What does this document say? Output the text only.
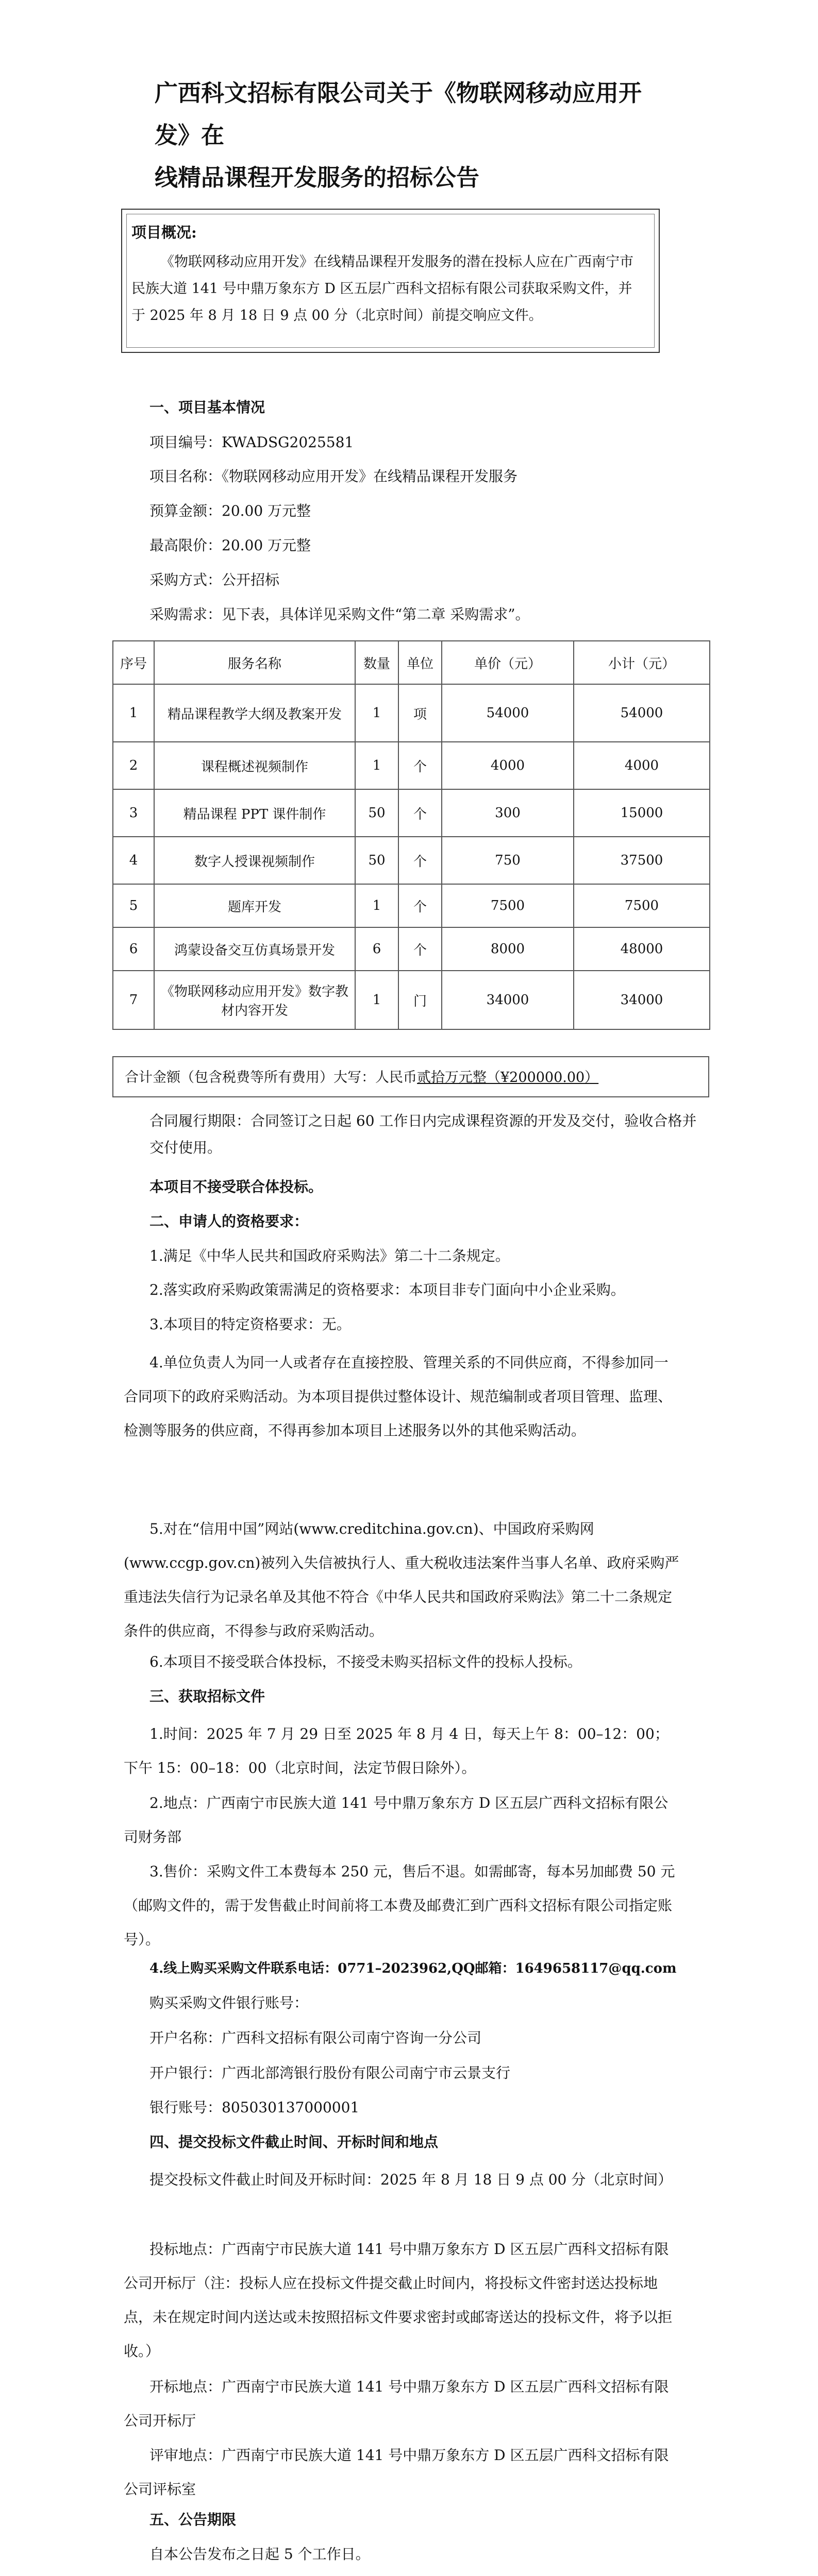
广西科文招标有限公司关于《物联网移动应用开发》在
线精品课程开发服务的招标公告
项目概况:
《物联网移动应用开发》在线精品课程开发服务的潜在投标人应在广西南宁市民族大道 141 号中鼎万象东方 D 区五层广西科文招标有限公司获取采购文件，并于 2025 年 8 月 18 日 9 点 00 分（北京时间）前提交响应文件。
一、项目基本情况
项目编号：KWADSG2025581
项目名称：《物联网移动应用开发》在线精品课程开发服务
预算金额：20.00 万元整
最高限价：20.00 万元整
采购方式：公开招标
采购需求：见下表，具体详见采购文件“第二章 采购需求”。
序号	服务名称	数量	单位	单价（元）	小计（元）
1	精品课程教学大纲及教案开发	1	项	54000	54000
2	课程概述视频制作	1	个	4000	4000
3	精品课程 PPT 课件制作	50	个	300	15000
4	数字人授课视频制作	50	个	750	37500
5	题库开发	1	个	7500	7500
6	鸿蒙设备交互仿真场景开发	6	个	8000	48000
7	《物联网移动应用开发》数字教材内容开发	1	门	34000	34000
合计金额（包含税费等所有费用）大写：人民币贰拾万元整（¥200000.00）
合同履行期限：合同签订之日起 60 工作日内完成课程资源的开发及交付，验收合格并交付使用。
本项目不接受联合体投标。
二、申请人的资格要求：
1.满足《中华人民共和国政府采购法》第二十二条规定。
2.落实政府采购政策需满足的资格要求：本项目非专门面向中小企业采购。
3.本项目的特定资格要求：无。
4.单位负责人为同一人或者存在直接控股、管理关系的不同供应商，不得参加同一合同项下的政府采购活动。为本项目提供过整体设计、规范编制或者项目管理、监理、检测等服务的供应商，不得再参加本项目上述服务以外的其他采购活动。
5.对在“信用中国”网站(www.creditchina.gov.cn)、中国政府采购网(www.ccgp.gov.cn)被列入失信被执行人、重大税收违法案件当事人名单、政府采购严重违法失信行为记录名单及其他不符合《中华人民共和国政府采购法》第二十二条规定条件的供应商，不得参与政府采购活动。
6.本项目不接受联合体投标，不接受未购买招标文件的投标人投标。
三、获取招标文件
1.时间：2025 年 7 月 29 日至 2025 年 8 月 4 日，每天上午 8：00–12：00；下午 15：00–18：00（北京时间，法定节假日除外）。
2.地点：广西南宁市民族大道 141 号中鼎万象东方 D 区五层广西科文招标有限公司财务部
3.售价：采购文件工本费每本 250 元，售后不退。如需邮寄，每本另加邮费 50 元（邮购文件的，需于发售截止时间前将工本费及邮费汇到广西科文招标有限公司指定账号）。
4.线上购买采购文件联系电话：0771–2023962,QQ邮箱：1649658117@qq.com
购买采购文件银行账号：
开户名称：广西科文招标有限公司南宁咨询一分公司
开户银行：广西北部湾银行股份有限公司南宁市云景支行
银行账号：805030137000001
四、提交投标文件截止时间、开标时间和地点
提交投标文件截止时间及开标时间：2025 年 8 月 18 日 9 点 00 分（北京时间）
投标地点：广西南宁市民族大道 141 号中鼎万象东方 D 区五层广西科文招标有限公司开标厅（注：投标人应在投标文件提交截止时间内，将投标文件密封送达投标地点，未在规定时间内送达或未按照招标文件要求密封或邮寄送达的投标文件，将予以拒收。）
开标地点：广西南宁市民族大道 141 号中鼎万象东方 D 区五层广西科文招标有限公司开标厅
评审地点：广西南宁市民族大道 141 号中鼎万象东方 D 区五层广西科文招标有限公司评标室
五、公告期限
自本公告发布之日起 5 个工作日。
